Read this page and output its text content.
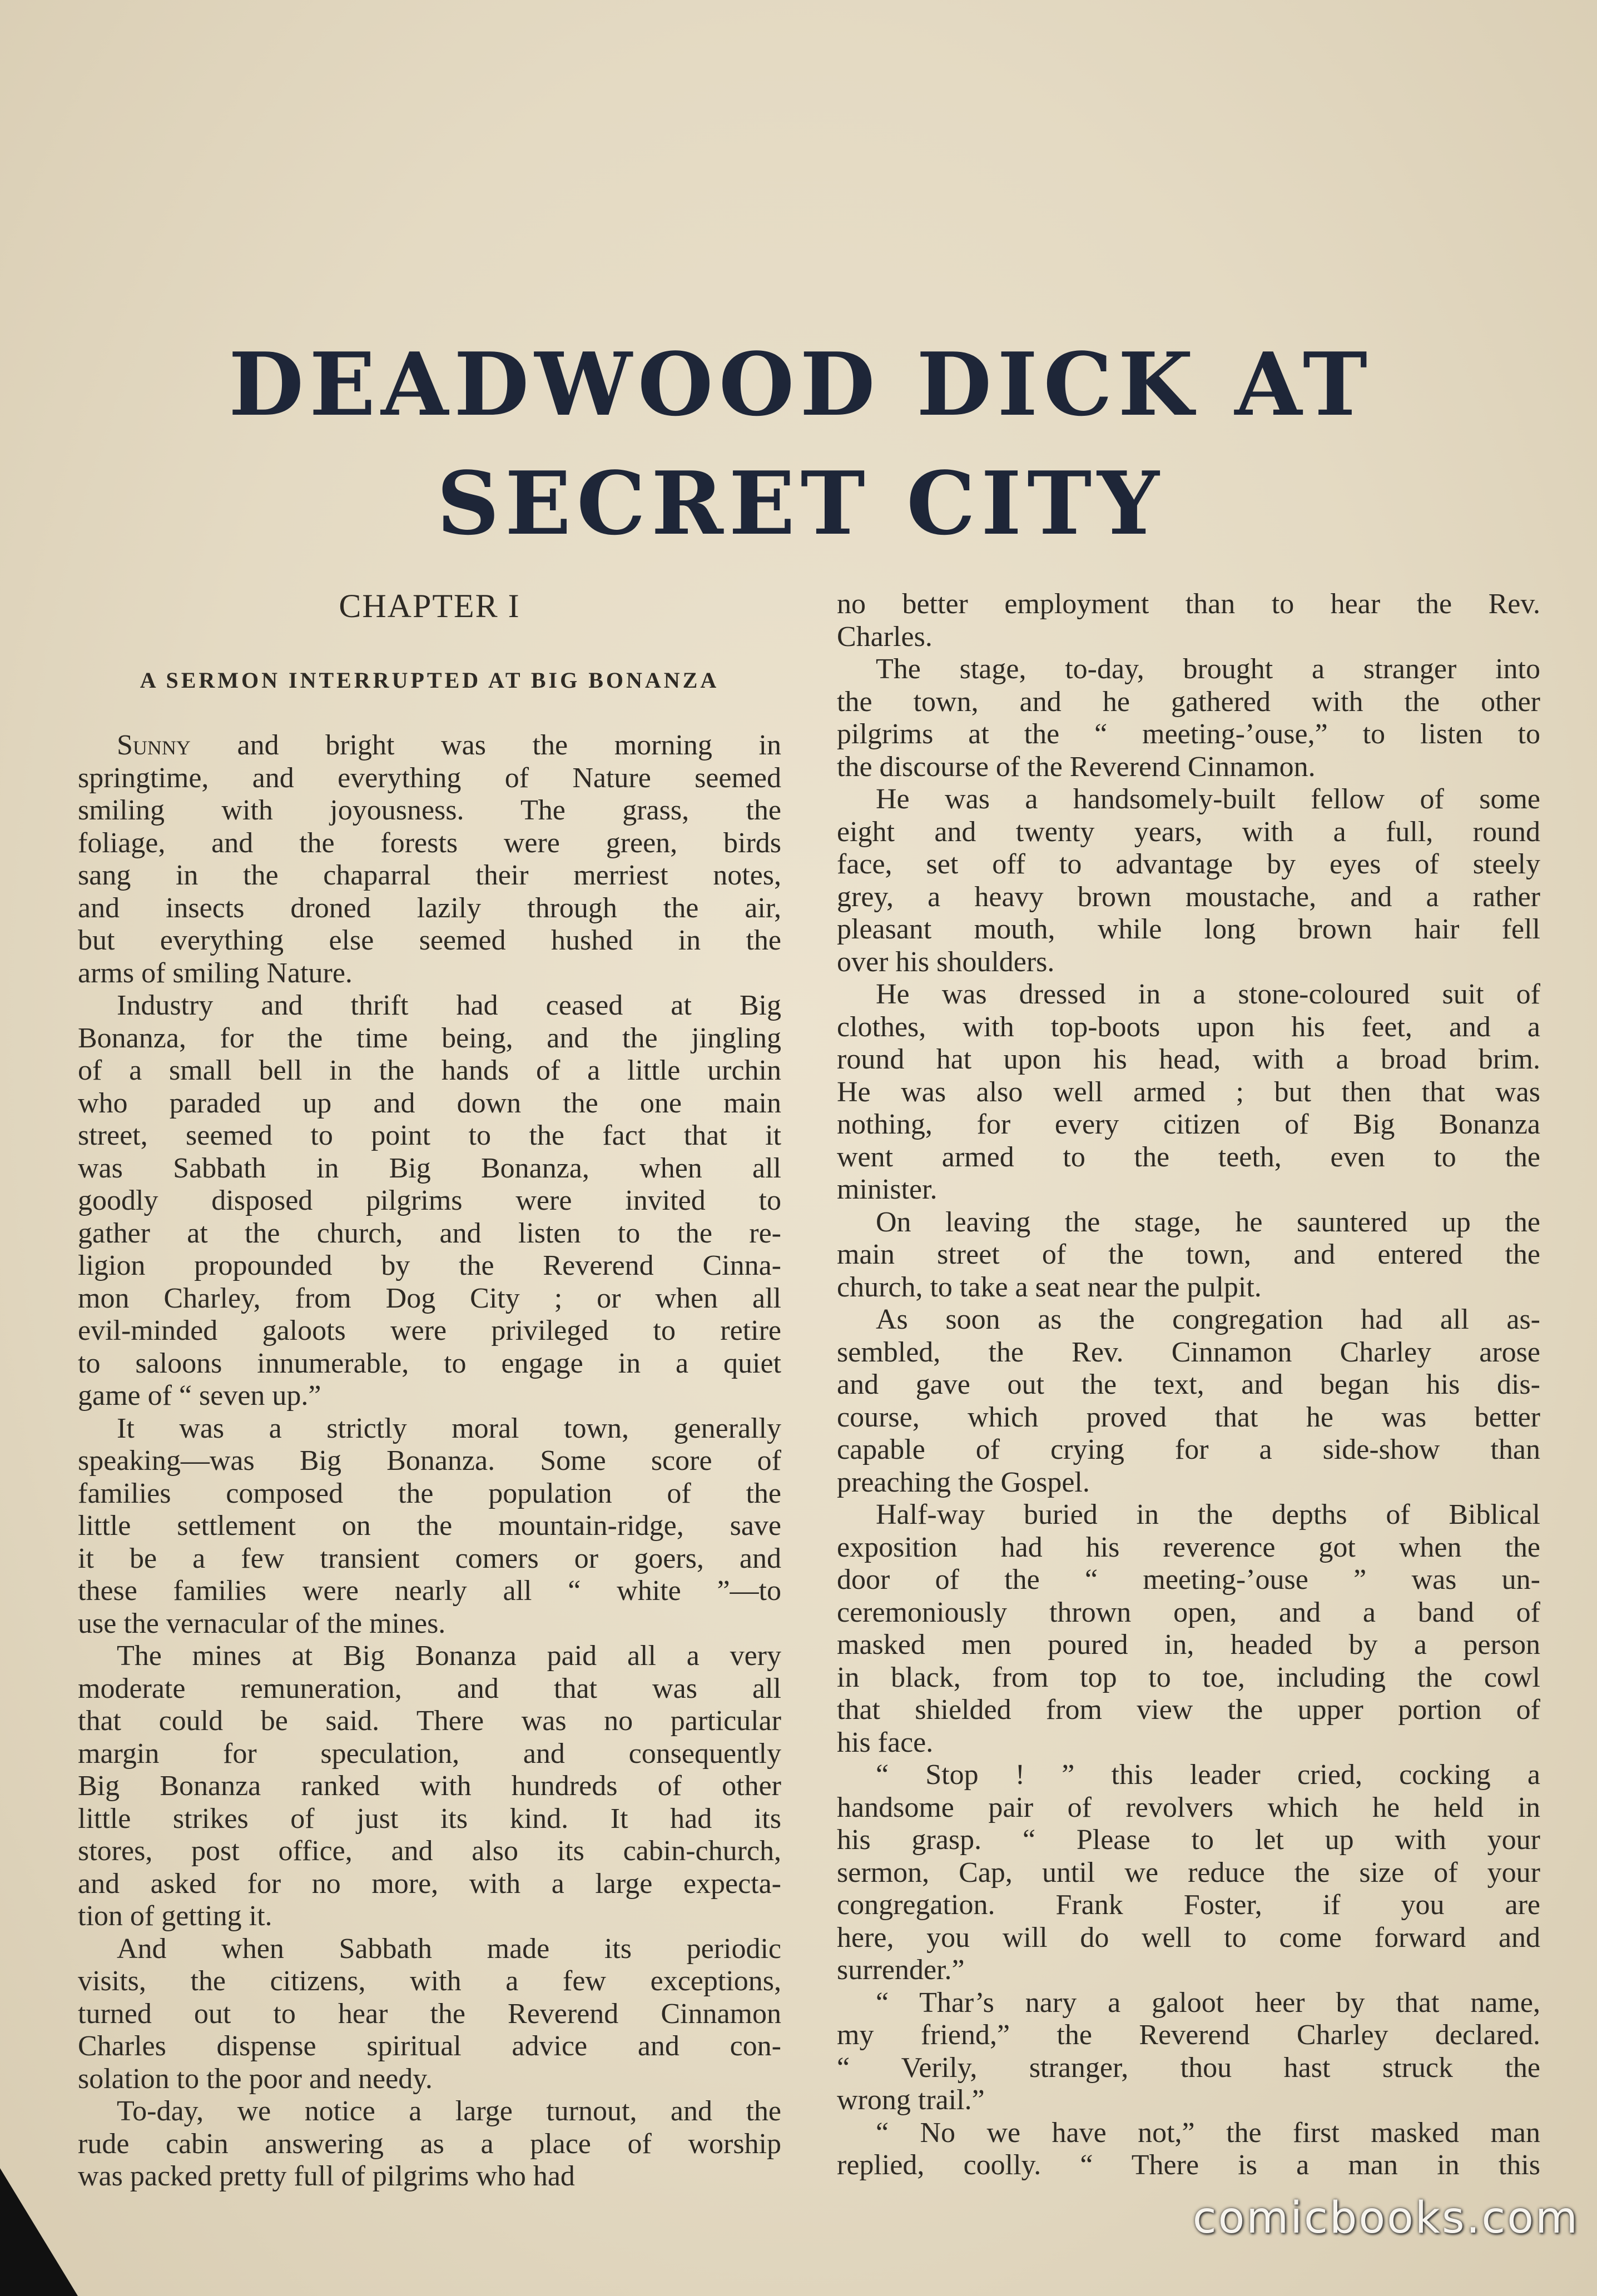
DEADWOOD DICK AT
SECRET CITY
CHAPTER I
A SERMON INTERRUPTED AT BIG BONANZA
Sunny and bright was the morning in
springtime, and everything of Nature seemed
smiling with joyousness. The grass, the
foliage, and the forests were green, birds
sang in the chaparral their merriest notes,
and insects droned lazily through the air,
but everything else seemed hushed in the
arms of smiling Nature.
Industry and thrift had ceased at Big
Bonanza, for the time being, and the jingling
of a small bell in the hands of a little urchin
who paraded up and down the one main
street, seemed to point to the fact that it
was Sabbath in Big Bonanza, when all
goodly disposed pilgrims were invited to
gather at the church, and listen to the re-
ligion propounded by the Reverend Cinna-
mon Charley, from Dog City ; or when all
evil-minded galoots were privileged to retire
to saloons innumerable, to engage in a quiet
game of “ seven up.”
It was a strictly moral town, generally
speaking—was Big Bonanza. Some score of
families composed the population of the
little settlement on the mountain-ridge, save
it be a few transient comers or goers, and
these families were nearly all “ white ”—to
use the vernacular of the mines.
The mines at Big Bonanza paid all a very
moderate remuneration, and that was all
that could be said. There was no particular
margin for speculation, and consequently
Big Bonanza ranked with hundreds of other
little strikes of just its kind. It had its
stores, post office, and also its cabin-church,
and asked for no more, with a large expecta-
tion of getting it.
And when Sabbath made its periodic
visits, the citizens, with a few exceptions,
turned out to hear the Reverend Cinnamon
Charles dispense spiritual advice and con-
solation to the poor and needy.
To-day, we notice a large turnout, and the
rude cabin answering as a place of worship
was packed pretty full of pilgrims who had
no better employment than to hear the Rev.
Charles.
The stage, to-day, brought a stranger into
the town, and he gathered with the other
pilgrims at the “ meeting-’ouse,” to listen to
the discourse of the Reverend Cinnamon.
He was a handsomely-built fellow of some
eight and twenty years, with a full, round
face, set off to advantage by eyes of steely
grey, a heavy brown moustache, and a rather
pleasant mouth, while long brown hair fell
over his shoulders.
He was dressed in a stone-coloured suit of
clothes, with top-boots upon his feet, and a
round hat upon his head, with a broad brim.
He was also well armed ; but then that was
nothing, for every citizen of Big Bonanza
went armed to the teeth, even to the
minister.
On leaving the stage, he sauntered up the
main street of the town, and entered the
church, to take a seat near the pulpit.
As soon as the congregation had all as-
sembled, the Rev. Cinnamon Charley arose
and gave out the text, and began his dis-
course, which proved that he was better
capable of crying for a side-show than
preaching the Gospel.
Half-way buried in the depths of Biblical
exposition had his reverence got when the
door of the “ meeting-’ouse ” was un-
ceremoniously thrown open, and a band of
masked men poured in, headed by a person
in black, from top to toe, including the cowl
that shielded from view the upper portion of
his face.
“ Stop ! ” this leader cried, cocking a
handsome pair of revolvers which he held in
his grasp. “ Please to let up with your
sermon, Cap, until we reduce the size of your
congregation. Frank Foster, if you are
here, you will do well to come forward and
surrender.”
“ Thar’s nary a galoot heer by that name,
my friend,” the Reverend Charley declared.
“ Verily, stranger, thou hast struck the
wrong trail.”
“ No we have not,” the first masked man
replied, coolly. “ There is a man in this
comicbooks.com
